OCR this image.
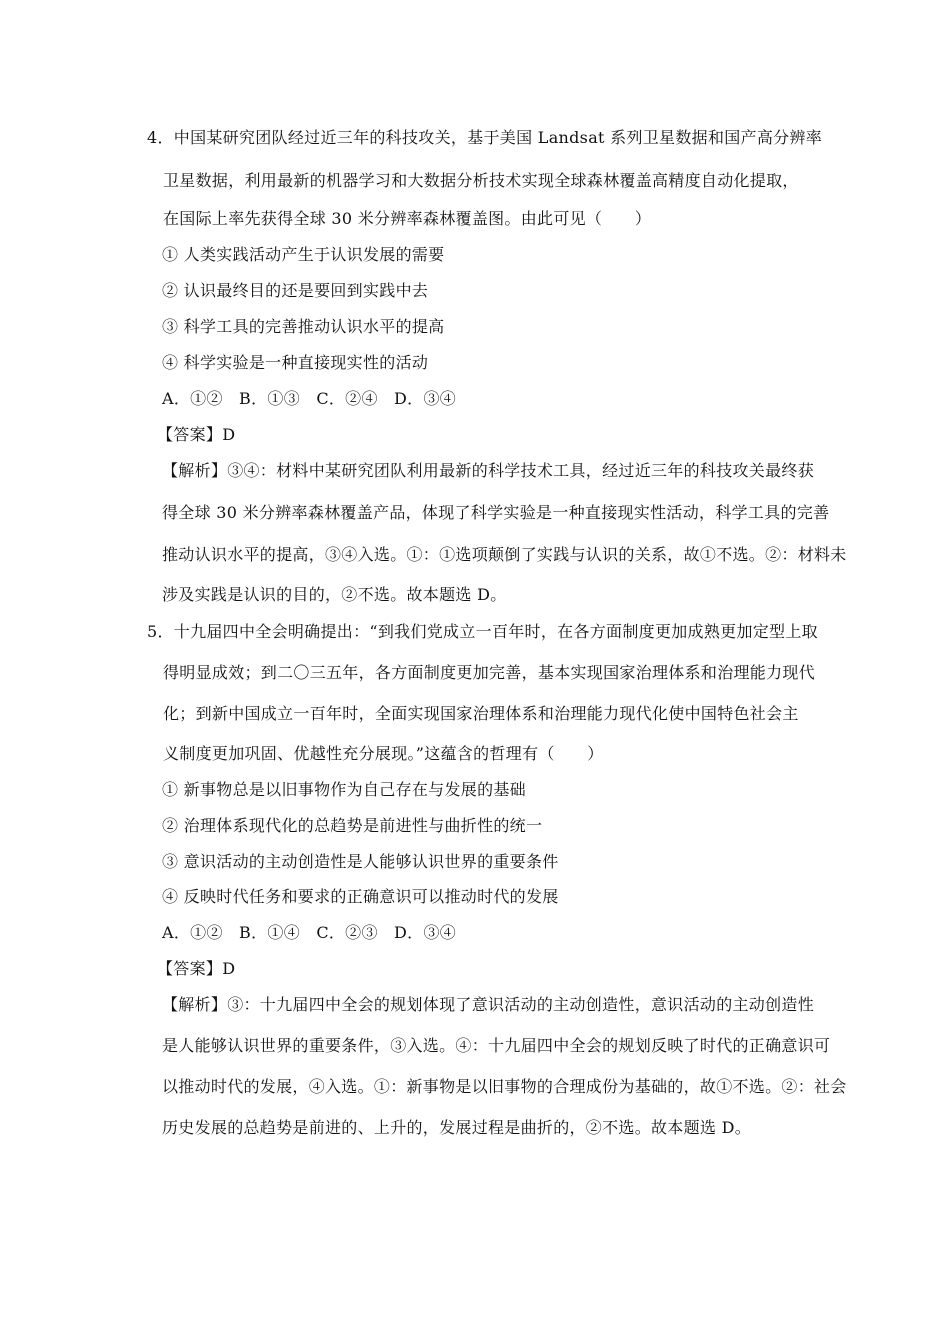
4．中国某研究团队经过近三年的科技攻关，基于美国 Landsat 系列卫星数据和国产高分辨率
卫星数据，利用最新的机器学习和大数据分析技术实现全球森林覆盖高精度自动化提取，
在国际上率先获得全球 30 米分辨率森林覆盖图。由此可见（　　）
① 人类实践活动产生于认识发展的需要
② 认识最终目的还是要回到实践中去
③ 科学工具的完善推动认识水平的提高
④ 科学实验是一种直接现实性的活动
A．①②　B．①③　C．②④　D．③④
【答案】D
【解析】③④：材料中某研究团队利用最新的科学技术工具，经过近三年的科技攻关最终获
得全球 30 米分辨率森林覆盖产品，体现了科学实验是一种直接现实性活动，科学工具的完善
推动认识水平的提高，③④入选。①：①选项颠倒了实践与认识的关系，故①不选。②：材料未
涉及实践是认识的目的，②不选。故本题选 D。
5．十九届四中全会明确提出：“到我们党成立一百年时，在各方面制度更加成熟更加定型上取
得明显成效；到二〇三五年，各方面制度更加完善，基本实现国家治理体系和治理能力现代
化；到新中国成立一百年时，全面实现国家治理体系和治理能力现代化使中国特色社会主
义制度更加巩固、优越性充分展现。”这蕴含的哲理有（　　）
① 新事物总是以旧事物作为自己存在与发展的基础
② 治理体系现代化的总趋势是前进性与曲折性的统一
③ 意识活动的主动创造性是人能够认识世界的重要条件
④ 反映时代任务和要求的正确意识可以推动时代的发展
A．①②　B．①④　C．②③　D．③④
【答案】D
【解析】③：十九届四中全会的规划体现了意识活动的主动创造性，意识活动的主动创造性
是人能够认识世界的重要条件，③入选。④：十九届四中全会的规划反映了时代的正确意识可
以推动时代的发展，④入选。①：新事物是以旧事物的合理成份为基础的，故①不选。②：社会
历史发展的总趋势是前进的、上升的，发展过程是曲折的，②不选。故本题选 D。
